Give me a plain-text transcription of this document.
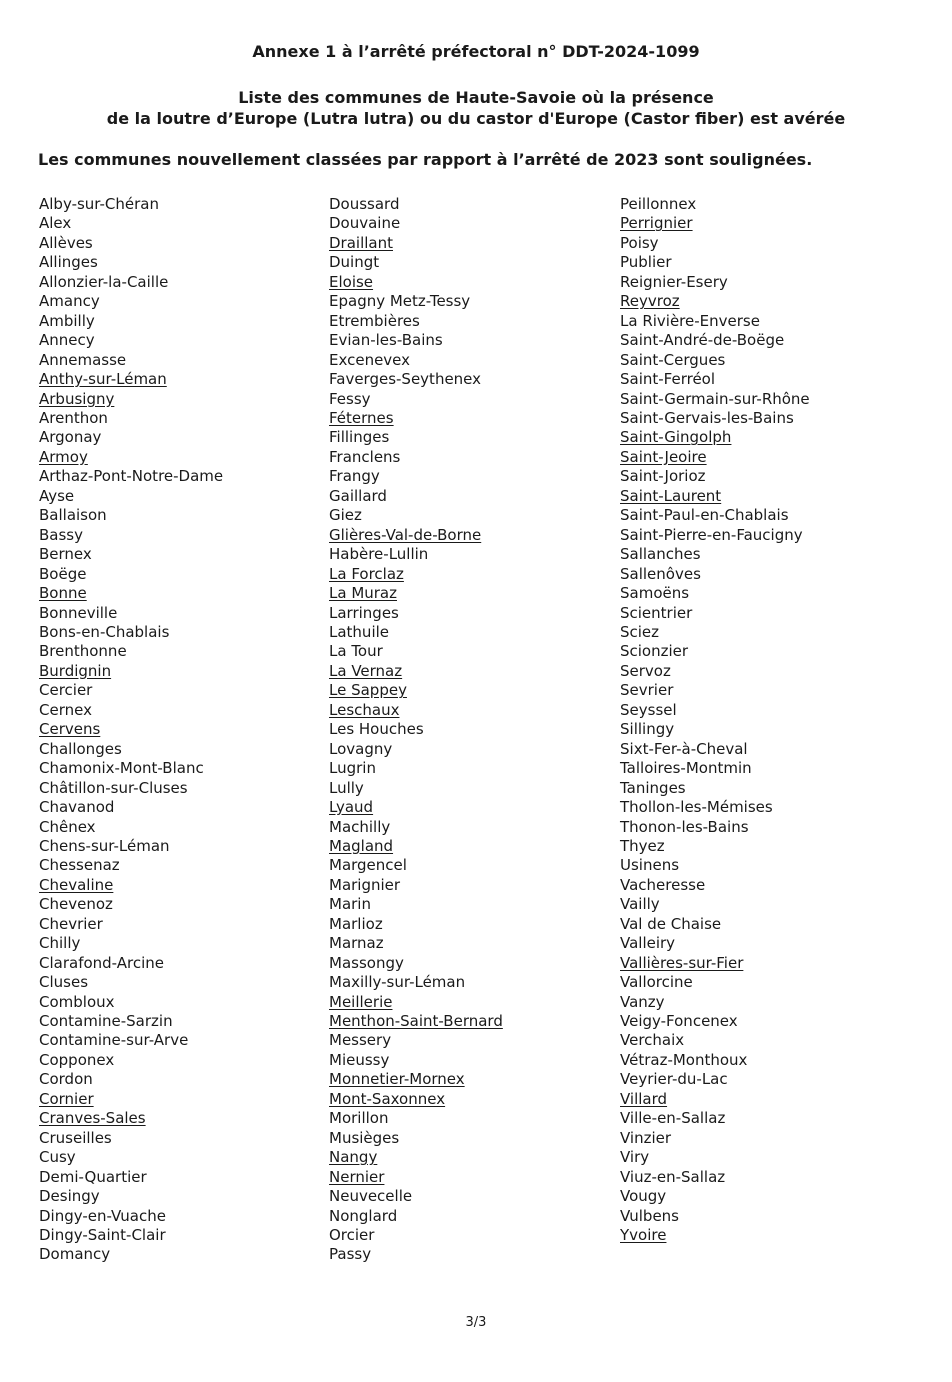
Annexe 1 à l’arrêté préfectoral n° DDT-2024-1099
Liste des communes de Haute-Savoie où la présence
de la loutre d’Europe (Lutra lutra) ou du castor d'Europe (Castor fiber) est avérée
Les communes nouvellement classées par rapport à l’arrêté de 2023 sont soulignées.
Alby-sur-Chéran
Alex
Allèves
Allinges
Allonzier-la-Caille
Amancy
Ambilly
Annecy
Annemasse
Anthy-sur-Léman
Arbusigny
Arenthon
Argonay
Armoy
Arthaz-Pont-Notre-Dame
Ayse
Ballaison
Bassy
Bernex
Boëge
Bonne
Bonneville
Bons-en-Chablais
Brenthonne
Burdignin
Cercier
Cernex
Cervens
Challonges
Chamonix-Mont-Blanc
Châtillon-sur-Cluses
Chavanod
Chênex
Chens-sur-Léman
Chessenaz
Chevaline
Chevenoz
Chevrier
Chilly
Clarafond-Arcine
Cluses
Combloux
Contamine-Sarzin
Contamine-sur-Arve
Copponex
Cordon
Cornier
Cranves-Sales
Cruseilles
Cusy
Demi-Quartier
Desingy
Dingy-en-Vuache
Dingy-Saint-Clair
Domancy
Doussard
Douvaine
Draillant
Duingt
Eloise
Epagny Metz-Tessy
Etrembières
Evian-les-Bains
Excenevex
Faverges-Seythenex
Fessy
Féternes
Fillinges
Franclens
Frangy
Gaillard
Giez
Glières-Val-de-Borne
Habère-Lullin
La Forclaz
La Muraz
Larringes
Lathuile
La Tour
La Vernaz
Le Sappey
Leschaux
Les Houches
Lovagny
Lugrin
Lully
Lyaud
Machilly
Magland
Margencel
Marignier
Marin
Marlioz
Marnaz
Massongy
Maxilly-sur-Léman
Meillerie
Menthon-Saint-Bernard
Messery
Mieussy
Monnetier-Mornex
Mont-Saxonnex
Morillon
Musièges
Nangy
Nernier
Neuvecelle
Nonglard
Orcier
Passy
Peillonnex
Perrignier
Poisy
Publier
Reignier-Esery
Reyvroz
La Rivière-Enverse
Saint-André-de-Boëge
Saint-Cergues
Saint-Ferréol
Saint-Germain-sur-Rhône
Saint-Gervais-les-Bains
Saint-Gingolph
Saint-Jeoire
Saint-Jorioz
Saint-Laurent
Saint-Paul-en-Chablais
Saint-Pierre-en-Faucigny
Sallanches
Sallenôves
Samoëns
Scientrier
Sciez
Scionzier
Servoz
Sevrier
Seyssel
Sillingy
Sixt-Fer-à-Cheval
Talloires-Montmin
Taninges
Thollon-les-Mémises
Thonon-les-Bains
Thyez
Usinens
Vacheresse
Vailly
Val de Chaise
Valleiry
Vallières-sur-Fier
Vallorcine
Vanzy
Veigy-Foncenex
Verchaix
Vétraz-Monthoux
Veyrier-du-Lac
Villard
Ville-en-Sallaz
Vinzier
Viry
Viuz-en-Sallaz
Vougy
Vulbens
Yvoire
3/3
